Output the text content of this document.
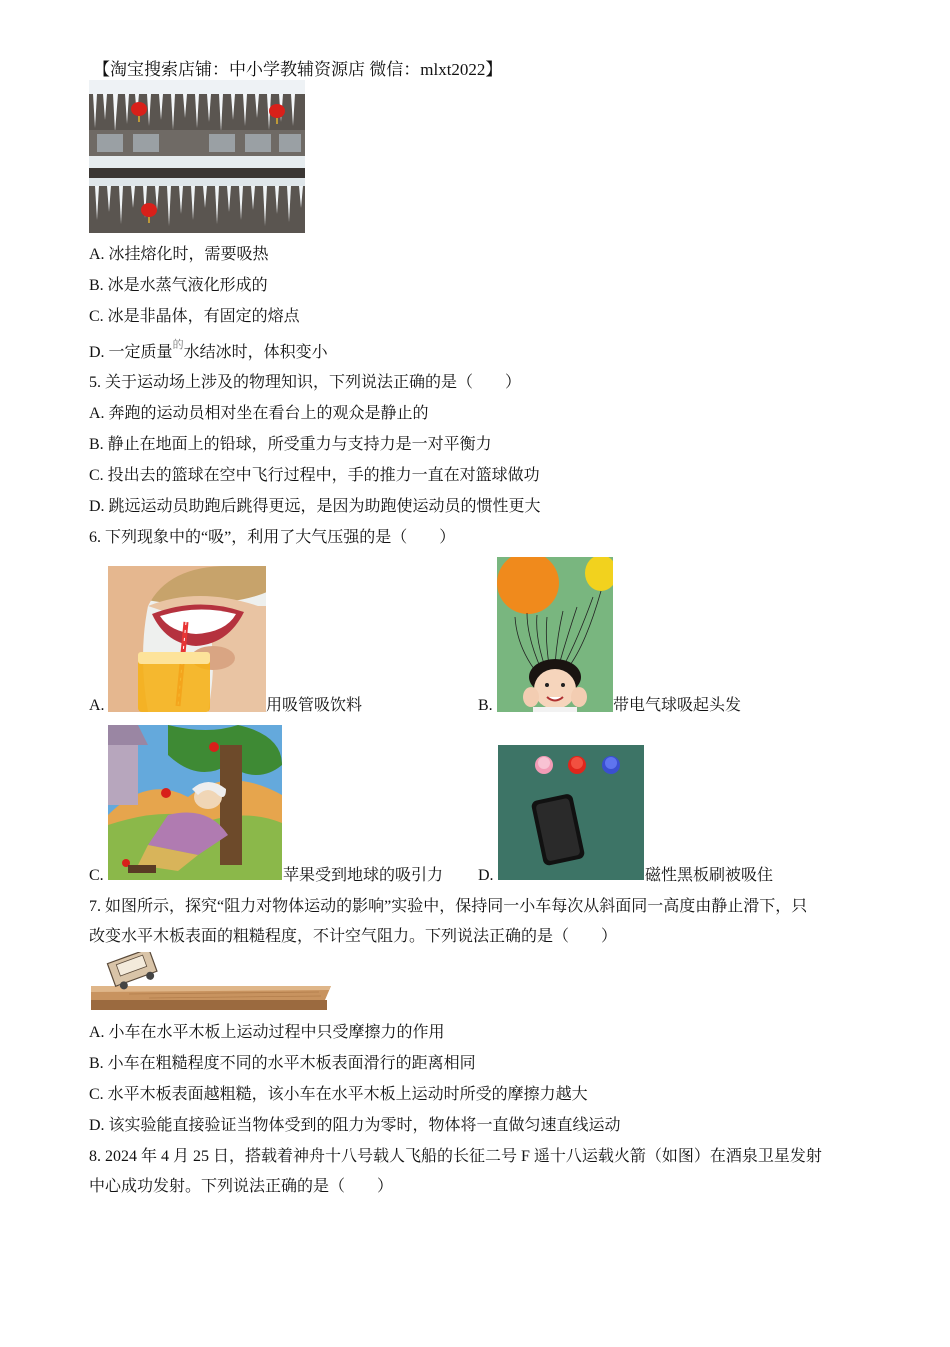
【淘宝搜索店铺：中小学教辅资源店 微信：mlxt2022】
A. 冰挂熔化时，需要吸热
B. 冰是水蒸气液化形成的
C. 冰是非晶体，有固定的熔点
D. 一定质量$^的$水结冰时，体积变小
5. 关于运动场上涉及的物理知识，下列说法正确的是（　　）
A. 奔跑的运动员相对坐在看台上的观众是静止的
B. 静止在地面上的铅球，所受重力与支持力是一对平衡力
C. 投出去的篮球在空中飞行过程中，手的推力一直在对篮球做功
D. 跳远运动员助跑后跳得更远，是因为助跑使运动员的惯性更大
6. 下列现象中的“吸”，利用了大气压强的是（　　）
A.	用吸管吸饮料	B.	带电气球吸起头发
C.	苹果受到地球的吸引力 D.	磁性黑板刷被吸住
7. 如图所示，探究“阻力对物体运动的影响”实验中，保持同一小车每次从斜面同一高度由静止滑下，只
改变水平木板表面的粗糙程度，不计空气阻力。下列说法正确的是（　　）
A. 小车在水平木板上运动过程中只受摩擦力的作用
B. 小车在粗糙程度不同的水平木板表面滑行的距离相同
C. 水平木板表面越粗糙，该小车在水平木板上运动时所受的摩擦力越大
D. 该实验能直接验证当物体受到的阻力为零时，物体将一直做匀速直线运动
8. 2024 年 4 月 25 日，搭载着神舟十八号载人飞船的长征二号 F 遥十八运载火箭（如图）在酒泉卫星发射
中心成功发射。下列说法正确的是（　　）
